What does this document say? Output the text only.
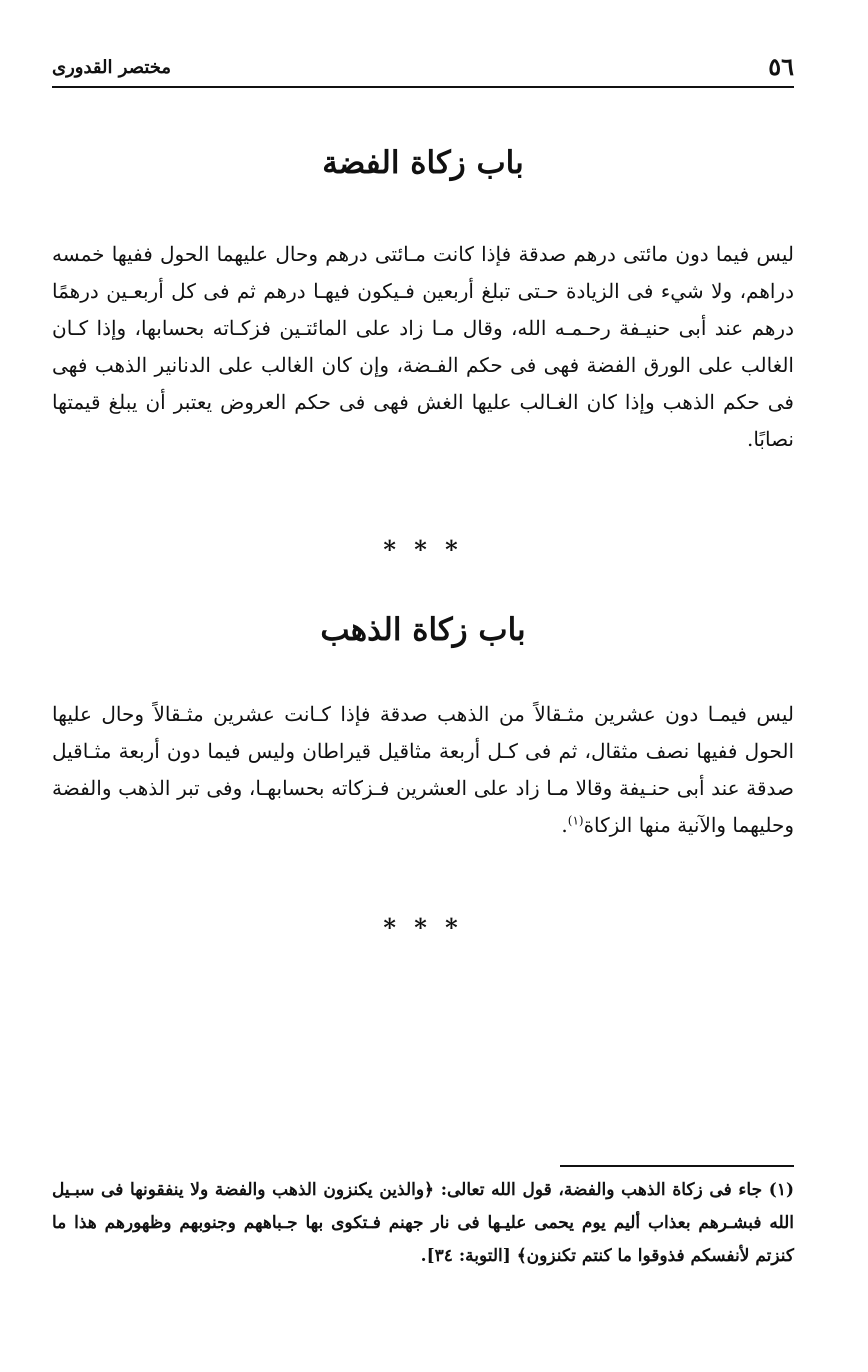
٥٦
مختصر القدورى
باب زكاة الفضة

ليس فيما دون مائتى درهم صدقة فإذا كانت مـائتى درهم وحال عليهما الحول ففيها خمسه دراهم، ولا شيء فى الزيادة حـتى تبلغ أربعين فـيكون فيهـا درهم ثم فى كل أربعـين درهمًا درهم عند أبى حنيـفة رحـمـه الله، وقال مـا زاد على المائتـين فزكـاته بحسابها، وإذا كـان الغالب على الورق الفضة فهى فى حكم الفـضة، وإن كان الغالب على الدنانير الذهب فهى فى حكم الذهب وإذا كان الغـالب عليها الغش فهى فى حكم العروض يعتبر أن يبلغ قيمتها نصابًا.

* * *
باب زكاة الذهب

ليس فيمـا دون عشرين مثـقالاً من الذهب صدقة فإذا كـانت عشرين مثـقالاً وحال عليها الحول ففيها نصف مثقال، ثم فى كـل أربعة مثاقيل قيراطان وليس فيما دون أربعة مثـاقيل صدقة عند أبى حنـيفة وقالا مـا زاد على العشرين فـزكاته بحسابهـا، وفى تبر الذهب والفضة وحليهما والآنية منها الزكاة$^{(١)}$.

* * *

(١) جاء فى زكاة الذهب والفضة، قول الله تعالى: ﴿والذين يكنزون الذهب والفضة ولا ينفقونها فى سبـيل الله فبشـرهم بعذاب أليم يوم يحمى عليـها فى نار جهنم فـتكوى بها جـباههم وجنوبهم وظهورهم هذا ما كنزتم لأنفسكم فذوقوا ما كنتم تكنزون﴾ [التوبة: ٣٤].
